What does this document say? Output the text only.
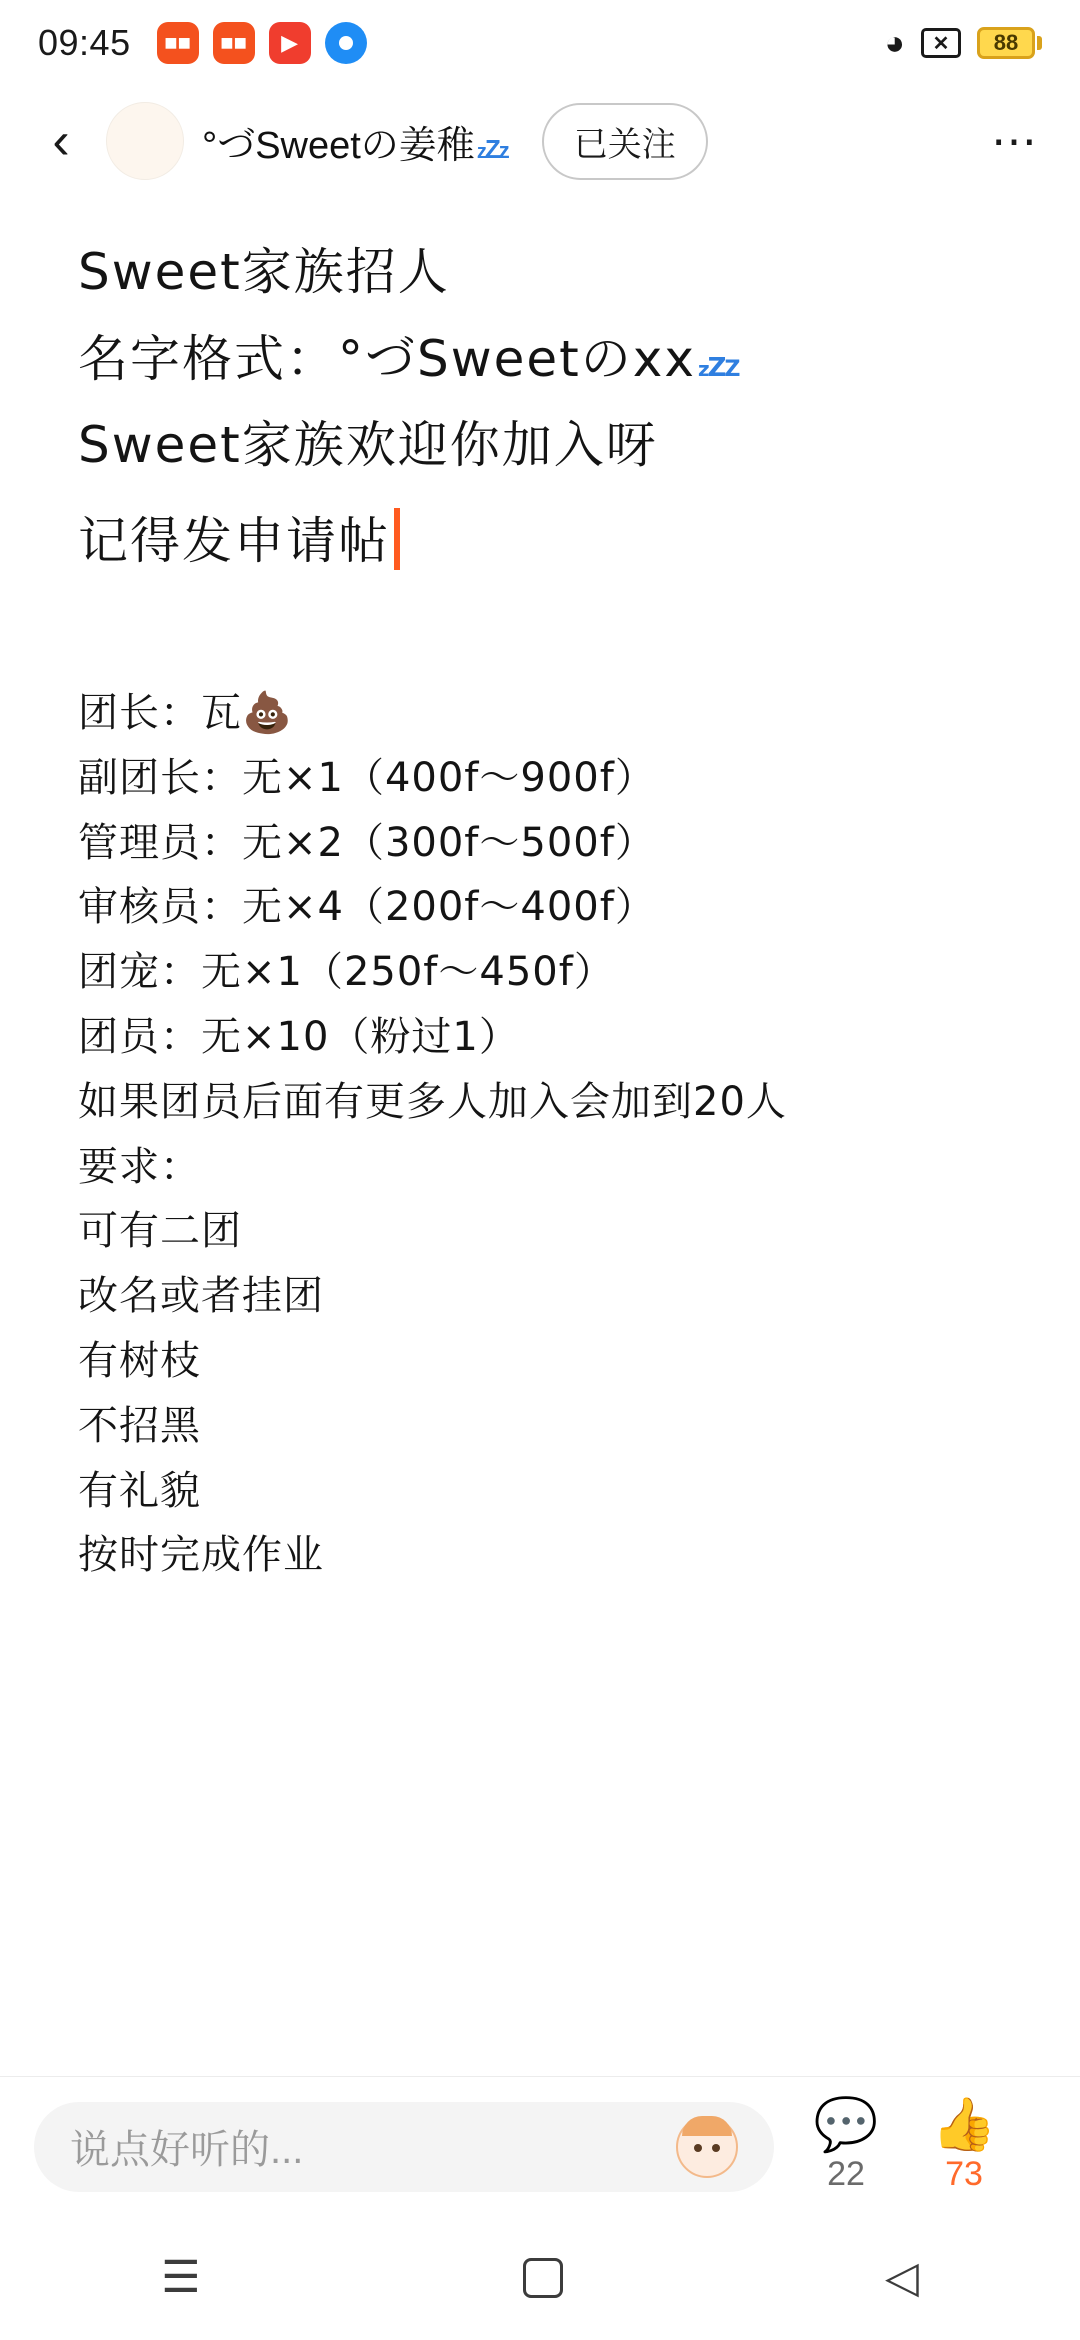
09:45	■■	■■	▶	◕	✕	88
‹	°づSweetの姜稚 zZz	已关注	⋯
Sweet家族招人
名字格式：°づSweetのxx zZZ
Sweet家族欢迎你加入呀
记得发申请帖
团长：瓦💩
副团长：无×1（400f～900f）
管理员：无×2（300f～500f）
审核员：无×4（200f～400f）
团宠：无×1（250f～450f）
团员：无×10（粉过1）
如果团员后面有更多人加入会加到20人
要求：
可有二团
改名或者挂团
有树枝
不招黑
有礼貌
按时完成作业
说点好听的...	💬
22
👍
73
☰	◁
